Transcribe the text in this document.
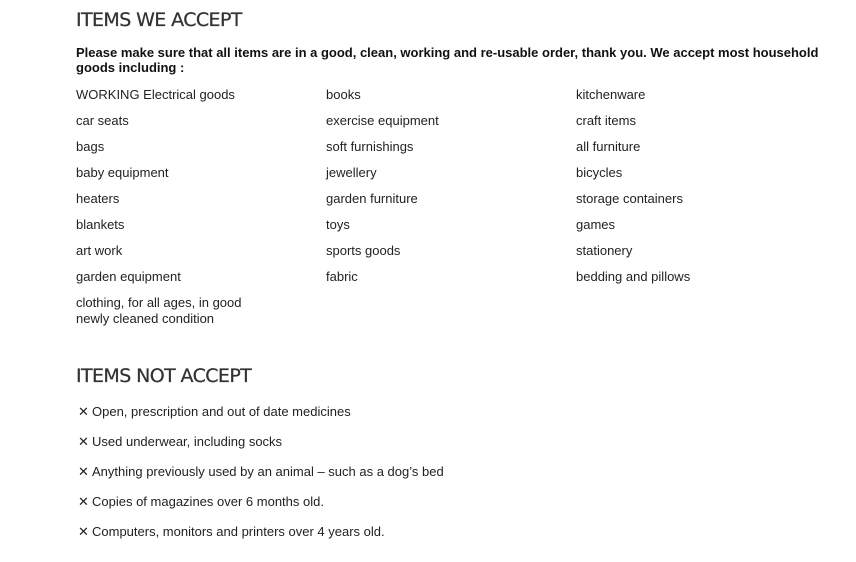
ITEMS WE ACCEPT

Please make sure that all items are in a good, clean, working and re-usable order, thank you. We accept most household goods including :

WORKING Electrical goods	books	kitchenware
car seats	exercise equipment	craft items
bags	soft furnishings	all furniture
baby equipment	jewellery	bicycles
heaters	garden furniture	storage containers
blankets	toys	games
art work	sports goods	stationery
garden equipment	fabric	bedding and pillows
clothing, for all ages, in good newly cleaned condition
ITEMS NOT ACCEPT
✕ Open, prescription and out of date medicines
✕ Used underwear, including socks
✕ Anything previously used by an animal – such as a dog’s bed
✕ Copies of magazines over 6 months old.
✕ Computers, monitors and printers over 4 years old.
